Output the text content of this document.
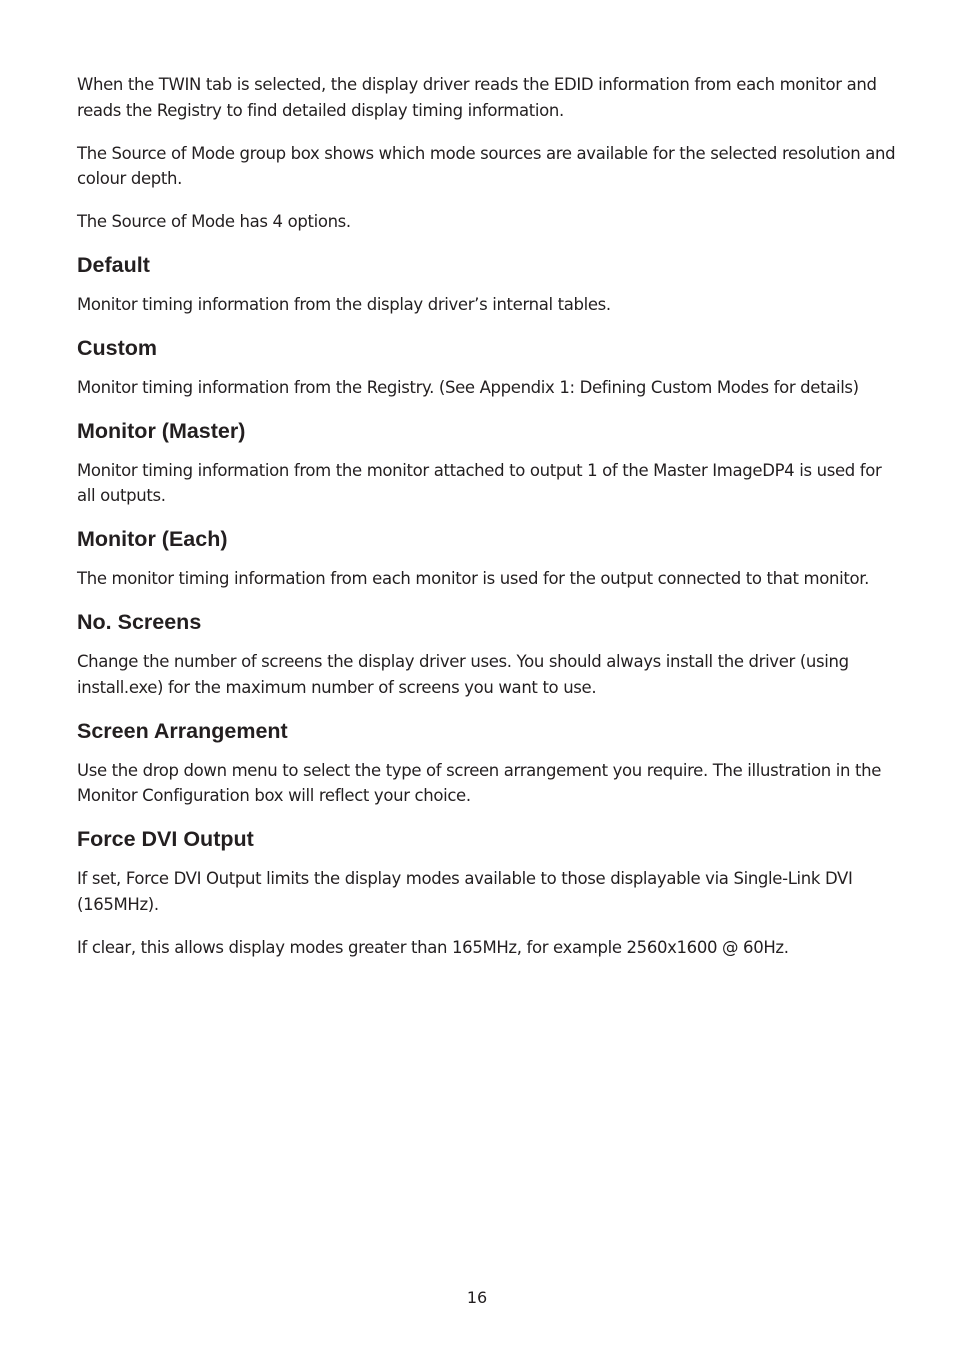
When the TWIN tab is selected, the display driver reads the EDID information from each monitor and reads the Registry to find detailed display timing information.

The Source of Mode group box shows which mode sources are available for the selected resolution and colour depth.

The Source of Mode has 4 options.

Default

Monitor timing information from the display driver’s internal tables.

Custom

Monitor timing information from the Registry. (See Appendix 1: Defining Custom Modes for details)

Monitor (Master)

Monitor timing information from the monitor attached to output 1 of the Master ImageDP4 is used for all outputs.

Monitor (Each)

The monitor timing information from each monitor is used for the output connected to that monitor.

No. Screens

Change the number of screens the display driver uses. You should always install the driver (using install.exe) for the maximum number of screens you want to use.

Screen Arrangement

Use the drop down menu to select the type of screen arrangement you require. The illustration in the Monitor Configuration box will reflect your choice.

Force DVI Output

If set, Force DVI Output limits the display modes available to those displayable via Single-Link DVI (165MHz).

If clear, this allows display modes greater than 165MHz, for example 2560x1600 @ 60Hz.

16
